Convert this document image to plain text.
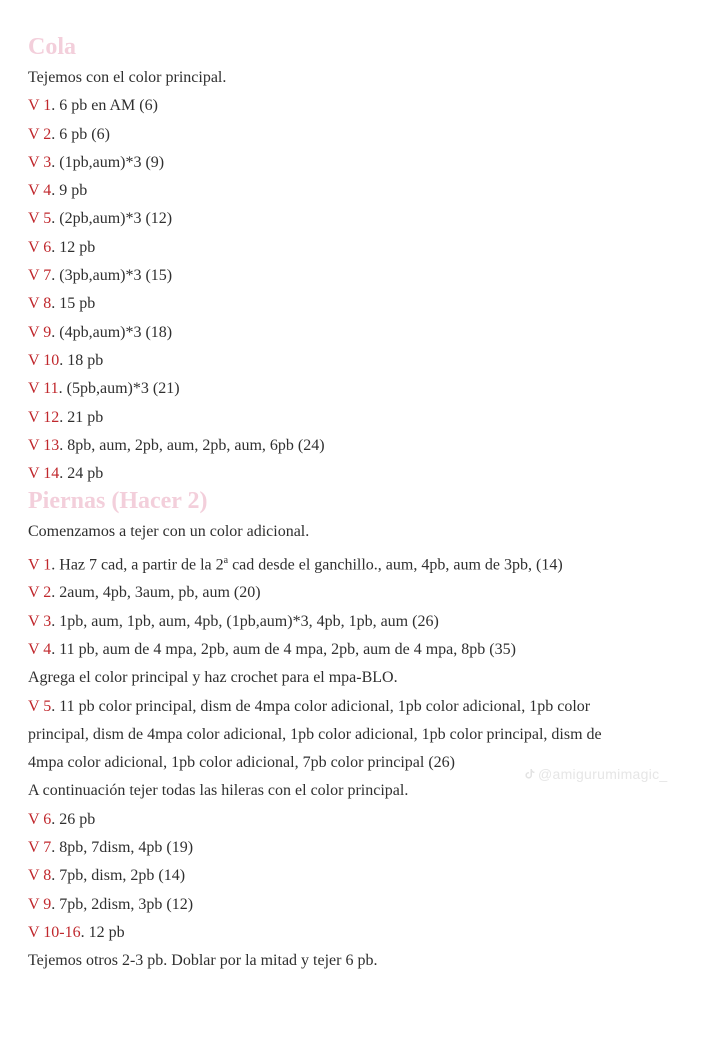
Cola
Tejemos con el color principal.
V 1. 6 pb en AM (6)
V 2. 6 pb (6)
V 3. (1pb,aum)*3 (9)
V 4. 9 pb
V 5. (2pb,aum)*3 (12)
V 6. 12 pb
V 7. (3pb,aum)*3 (15)
V 8. 15 pb
V 9. (4pb,aum)*3 (18)
V 10. 18 pb
V 11. (5pb,aum)*3 (21)
V 12. 21 pb
V 13. 8pb, aum, 2pb, aum, 2pb, aum, 6pb (24)
V 14. 24 pb
Piernas (Hacer 2)
Comenzamos a tejer con un color adicional.
V 1. Haz 7 cad, a partir de la 2$^a$ cad desde el ganchillo., aum, 4pb, aum de 3pb, (14)
V 2. 2aum, 4pb, 3aum, pb, aum (20)
V 3. 1pb, aum, 1pb, aum, 4pb, (1pb,aum)*3, 4pb, 1pb, aum (26)
V 4. 11 pb, aum de 4 mpa, 2pb, aum de 4 mpa, 2pb, aum de 4 mpa, 8pb (35)
Agrega el color principal y haz crochet para el mpa-BLO.
V 5. 11 pb color principal, dism de 4mpa color adicional, 1pb color adicional, 1pb color
principal, dism de 4mpa color adicional, 1pb color adicional, 1pb color principal, dism de
4mpa color adicional, 1pb color adicional, 7pb color principal (26)
A continuación tejer todas las hileras con el color principal.
V 6. 26 pb
V 7. 8pb, 7dism, 4pb (19)
V 8. 7pb, dism, 2pb (14)
V 9. 7pb, 2dism, 3pb (12)
V 10-16. 12 pb
Tejemos otros 2-3 pb. Doblar por la mitad y tejer 6 pb.
@amigurumimagic_
